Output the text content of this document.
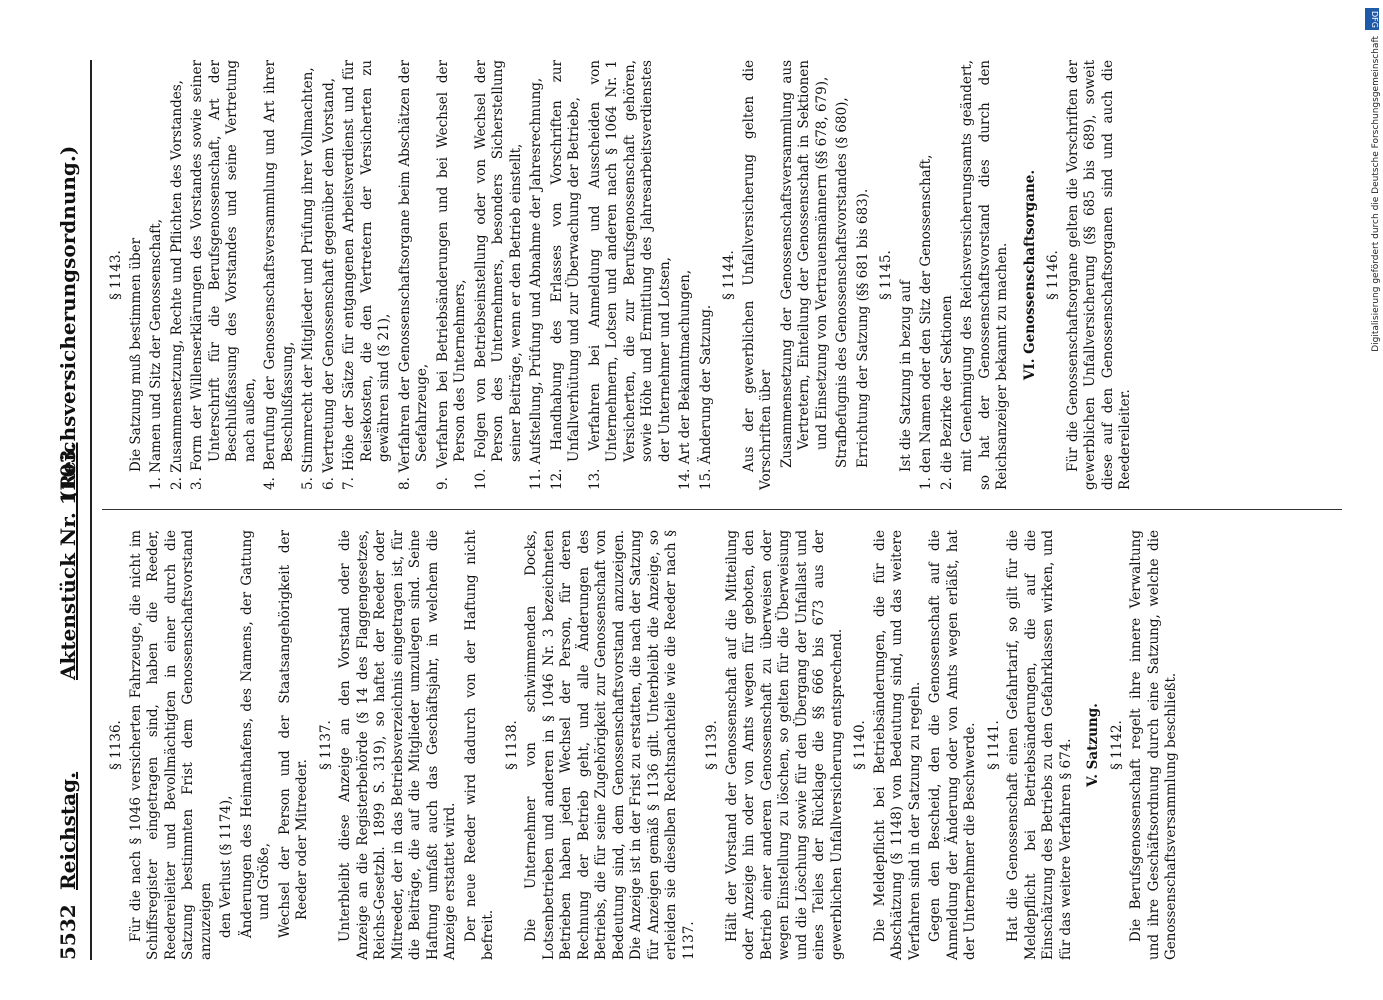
5532
Reichstag.
Aktenstück Nr. 1103.
(Reichsversicherungsordnung.)
§ 1136. Für die nach § 1046 versicherten Fahrzeuge, die nicht im Schiffsregister eingetragen sind, haben die Reeder, Reedereileiter und Bevollmächtigten in einer durch die Satzung bestimmten Frist dem Genossenschaftsvorstand anzuzeigen den Verlust (§ 1174), Änderungen des Heimathafens, des Namens, der Gattung und Größe, Wechsel der Person und der Staatsangehörigkeit der Reeder oder Mitreeder.

§ 1137. Unterbleibt diese Anzeige an den Vorstand oder die Anzeige an die Registerbehörde (§ 14 des Flaggengesetzes, Reichs-Gesetzbl. 1899 S. 319), so haftet der Reeder oder Mitreeder, der in das Betriebsverzeichnis eingetragen ist, für die Beiträge, die auf die Mitglieder umzulegen sind. Seine Haftung umfaßt auch das Geschäftsjahr, in welchem die Anzeige erstattet wird. Der neue Reeder wird dadurch von der Haftung nicht befreit.

§ 1138. Die Unternehmer von schwimmenden Docks, Lotsenbetrieben und anderen in § 1046 Nr. 3 bezeichneten Betrieben haben jeden Wechsel der Person, für deren Rechnung der Betrieb geht, und alle Änderungen des Betriebs, die für seine Zugehörigkeit zur Genossenschaft von Bedeutung sind, dem Genossenschaftsvorstand anzuzeigen. Die Anzeige ist in der Frist zu erstatten, die nach der Satzung für Anzeigen gemäß § 1136 gilt. Unterbleibt die Anzeige, so erleiden sie dieselben Rechtsnachteile wie die Reeder nach § 1137.

§ 1139. Hält der Vorstand der Genossenschaft auf die Mitteilung oder Anzeige hin oder von Amts wegen für geboten, den Betrieb einer anderen Genossenschaft zu überweisen oder wegen Einstellung zu löschen, so gelten für die Überweisung und die Löschung sowie für den Übergang der Unfallast und eines Teiles der Rücklage die §§ 666 bis 673 aus der gewerblichen Unfallversicherung entsprechend. § 1140. Die Meldepflicht bei Betriebsänderungen, die für die Abschätzung (§ 1148) von Bedeutung sind, und das weitere Verfahren sind in der Satzung zu regeln. Gegen den Bescheid, den die Genossenschaft auf die Anmeldung der Änderung oder von Amts wegen erläßt, hat der Unternehmer die Beschwerde. § 1141. Hat die Genossenschaft einen Gefahrtarif, so gilt für die Meldepflicht bei Betriebsänderungen, die auf die Einschätzung des Betriebs zu den Gefahrklassen wirken, und für das weitere Verfahren § 674. V. Satzung. § 1142. Die Berufsgenossenschaft regelt ihre innere Verwaltung und ihre Geschäftsordnung durch eine Satzung, welche die Genossenschaftsversammlung beschließt.

§ 1143. Die Satzung muß bestimmen über 1. Namen und Sitz der Genossenschaft, 2. Zusammensetzung, Rechte und Pflichten des Vorstandes, 3. Form der Willenserklärungen des Vorstandes sowie seiner Unterschrift für die Berufsgenossenschaft, Art der Beschlußfassung des Vorstandes und seine Vertretung nach außen, 4. Berufung der Genossenschaftsversammlung und Art ihrer Beschlußfassung, 5. Stimmrecht der Mitglieder und Prüfung ihrer Vollmachten, 6. Vertretung der Genossenschaft gegenüber dem Vorstand, 7. Höhe der Sätze für entgangenen Arbeitsverdienst und für Reisekosten, die den Vertretern der Versicherten zu gewähren sind (§ 21), 8. Verfahren der Genossenschaftsorgane beim Abschätzen der Seefahrzeuge, 9. Verfahren bei Betriebsänderungen und bei Wechsel der Person des Unternehmers, 10. Folgen von Betriebseinstellung oder von Wechsel der Person des Unternehmers, besonders Sicherstellung seiner Beiträge, wenn er den Betrieb einstellt, 11. Aufstellung, Prüfung und Abnahme der Jahresrechnung, 12. Handhabung des Erlasses von Vorschriften zur Unfallverhütung und zur Überwachung der Betriebe, 13. Verfahren bei Anmeldung und Ausscheiden von Unternehmern, Lotsen und anderen nach § 1064 Nr. 1 Versicherten, die zur Berufsgenossenschaft gehören, sowie Höhe und Ermittlung des Jahresarbeitsverdienstes der Unternehmer und Lotsen, 14. Art der Bekanntmachungen, 15. Änderung der Satzung.

§ 1144. Aus der gewerblichen Unfallversicherung gelten die Vorschriften über Zusammensetzung der Genossenschaftsversammlung aus Vertretern, Einteilung der Genossenschaft in Sektionen und Einsetzung von Vertrauensmännern (§§ 678, 679), Strafbefugnis des Genossenschaftsvorstandes (§ 680), Errichtung der Satzung (§§ 681 bis 683). § 1145.

Ist die Satzung in bezug auf 1. den Namen oder den Sitz der Genossenschaft, 2. die Bezirke der Sektionen mit Genehmigung des Reichsversicherungsamts geändert, so hat der Genossenschaftsvorstand dies durch den Reichsanzeiger bekannt zu machen. VI. Genossenschaftsorgane. § 1146. Für die Genossenschaftsorgane gelten die Vorschriften der gewerblichen Unfallversicherung (§§ 685 bis 689), soweit diese auf den Genossenschaftsorganen sind und auch die Reedereileiter.

DFG
Digitalisierung gefördert durch die Deutsche Forschungsgemeinschaft
